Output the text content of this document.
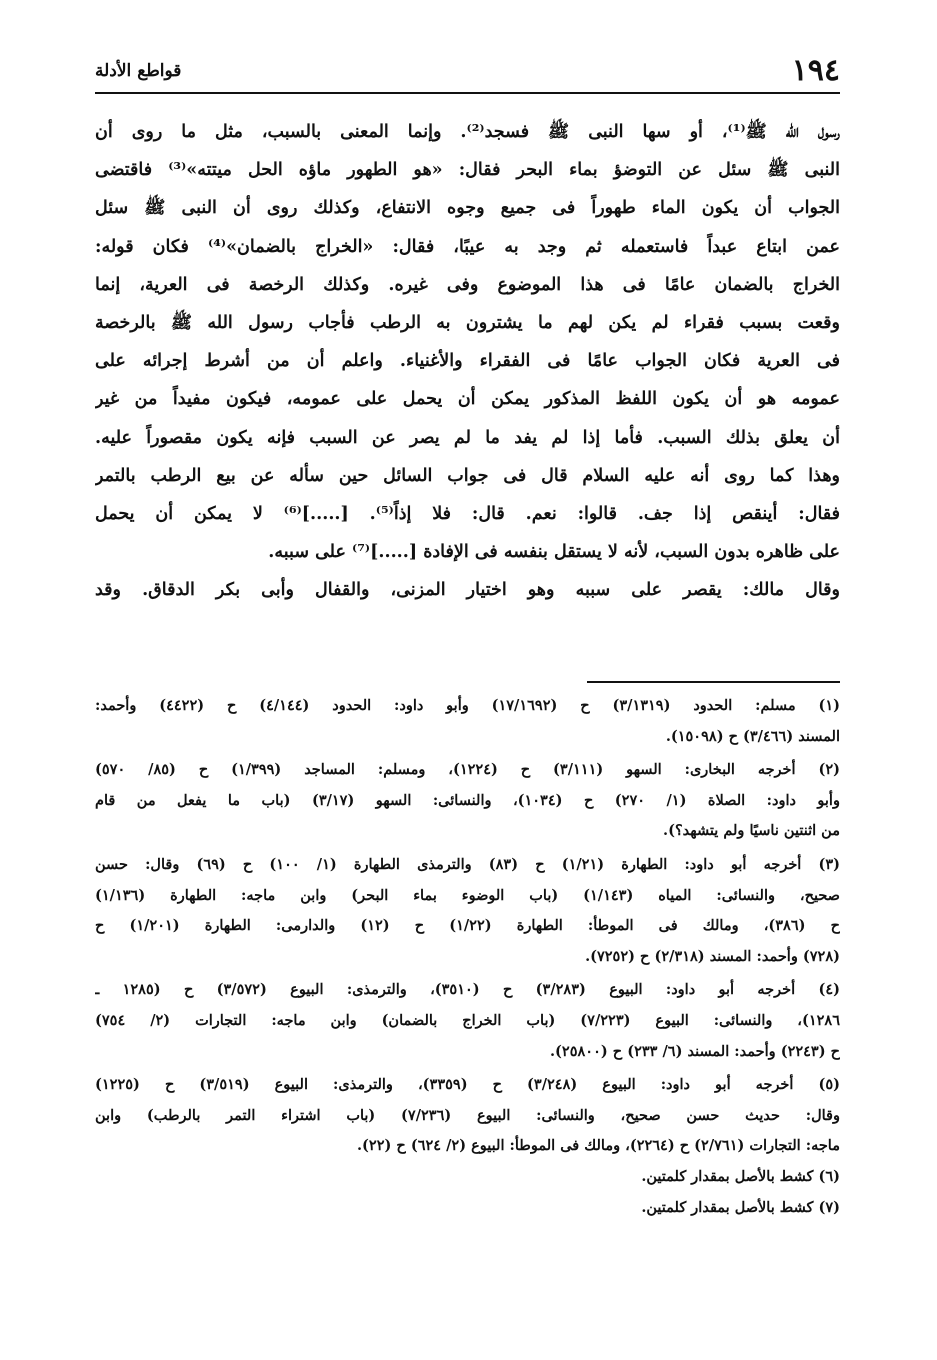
١٩٤
قواطع الأدلة
رسول الله ﷺ⁽¹⁾، أو سها النبى ﷺ فسجد⁽²⁾. وإنما المعنى بالسبب، مثل ما روى أن
النبى ﷺ سئل عن التوضؤ بماء البحر فقال: «هو الطهور ماؤه الحل ميتته»⁽³⁾ فاقتضى
الجواب أن يكون الماء طهوراً فى جميع وجوه الانتفاع، وكذلك روى أن النبى ﷺ سئل
عمن ابتاع عبداً فاستعمله ثم وجد به عيبًا، فقال: «الخراج بالضمان»⁽⁴⁾ فكان قوله:
الخراج بالضمان عامًا فى هذا الموضوع وفى غيره. وكذلك الرخصة فى العرية، إنما
وقعت بسبب فقراء لم يكن لهم ما يشترون به الرطب فأجاب رسول الله ﷺ بالرخصة
فى العرية فكان الجواب عامًا فى الفقراء والأغنياء. واعلم أن من أشرط إجرائه على
عمومه هو أن يكون اللفظ المذكور يمكن أن يحمل على عمومه، فيكون مفيداً من غير
أن يعلق بذلك السبب. فأما إذا لم يفد ما لم يصر عن السبب فإنه يكون مقصوراً عليه.
وهذا كما روى أنه عليه السلام قال فى جواب السائل حين سأله عن بيع الرطب بالتمر
فقال: أينقص إذا جف. قالوا: نعم. قال: فلا إذاً⁽⁵⁾. [.....]⁽⁶⁾ لا يمكن أن يحمل
على ظاهره بدون السبب، لأنه لا يستقل بنفسه فى الإفادة [.....]⁽⁷⁾ على سببه.
وقال مالك: يقصر على سببه وهو اختيار المزنى، والقفال وأبى بكر الدقاق. وقد
(١) مسلم: الحدود (٣/١٣١٩) ح (١٧/١٦٩٢) وأبو داود: الحدود (٤/١٤٤) ح (٤٤٢٢) وأحمد:
المسند (٣/٤٦٦) ح (١٥٠٩٨).
(٢) أخرجه البخارى: السهو (٣/١١١) ح (١٢٢٤)، ومسلم: المساجد (١/٣٩٩) ح (٨٥/ ٥٧٠)
وأبو داود: الصلاة (١/ ٢٧٠) ح (١٠٣٤)، والنسائى: السهو (٣/١٧) (باب ما يفعل من قام
من اثنتين ناسيًا ولم يتشهد؟).
(٣) أخرجه أبو داود: الطهارة (١/٢١) ح (٨٣) والترمذى الطهارة (١/ ١٠٠) ح (٦٩) وقال: حسن
صحيح، والنسائى: المياه (١/١٤٣) (باب الوضوء بماء البحر) وابن ماجه: الطهارة (١/١٣٦)
ح (٣٨٦)، ومالك فى الموطأ: الطهارة (١/٢٢) ح (١٢) والدارمى: الطهارة (١/٢٠١) ح
(٧٢٨) وأحمد: المسند (٢/٣١٨) ح (٧٢٥٢).
(٤) أخرجه أبو داود: البيوع (٣/٢٨٣) ح (٣٥١٠)، والترمذى: البيوع (٣/٥٧٢) ح (١٢٨٥ ـ
١٢٨٦)، والنسائى: البيوع (٧/٢٢٣) (باب الخراج بالضمان) وابن ماجه: التجارات (٢/ ٧٥٤)
ح (٢٢٤٣) وأحمد: المسند (٦/ ٢٣٣) ح (٢٥٨٠٠).
(٥) أخرجه أبو داود: البيوع (٣/٢٤٨) ح (٣٣٥٩)، والترمذى: البيوع (٣/٥١٩) ح (١٢٢٥)
وقال: حديث حسن صحيح، والنسائى: البيوع (٧/٢٣٦) (باب اشتراء التمر بالرطب) وابن
ماجه: التجارات (٢/٧٦١) ح (٢٢٦٤)، ومالك فى الموطأ: البيوع (٢/ ٦٢٤) ح (٢٢).
(٦) كشط بالأصل بمقدار كلمتين.
(٧) كشط بالأصل بمقدار كلمتين.
